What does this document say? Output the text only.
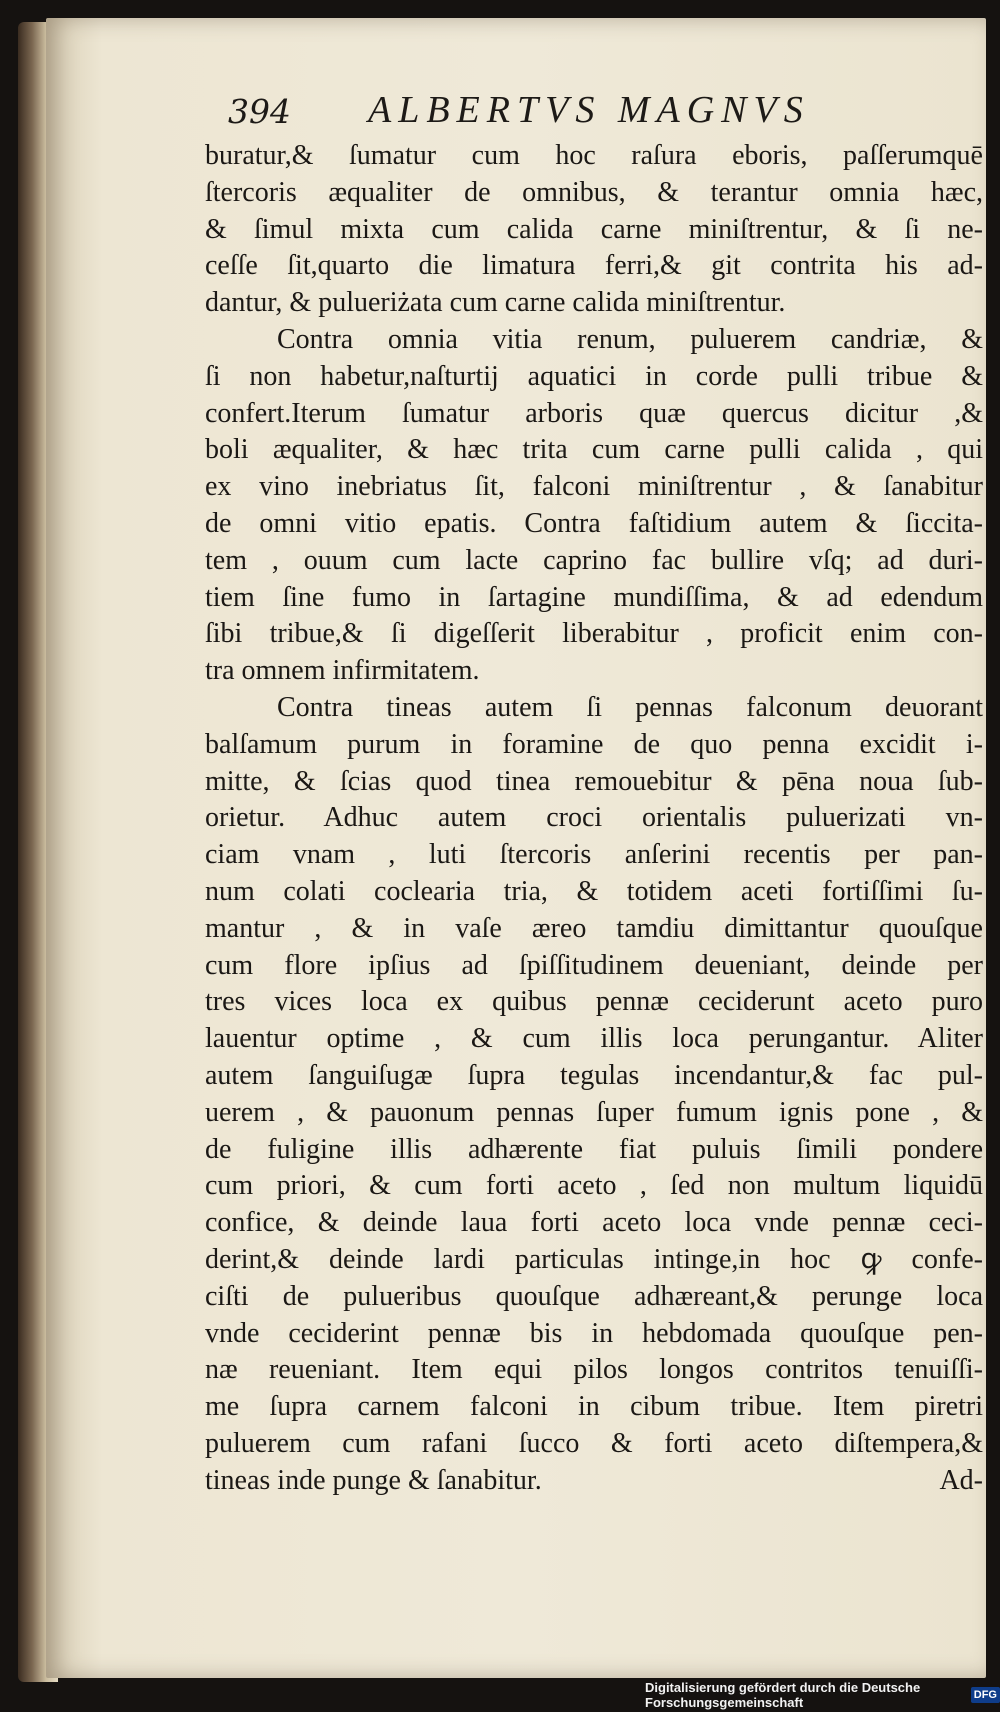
394 ALBERTVS MAGNVS
buratur,& ſumatur cum hoc raſura eboris, paſſerumquē
ſtercoris æqualiter de omnibus, & terantur omnia hæc,
& ſimul mixta cum calida carne miniſtrentur, & ſi ne-
ceſſe ſit,quarto die limatura ferri,& git contrita his ad-
dantur, & pulueriżata cum carne calida miniſtrentur.
Contra omnia vitia renum, puluerem candriæ, &
ſi non habetur,naſturtij aquatici in corde pulli tribue &
confert.Iterum ſumatur arboris quæ quercus dicitur ,&
boli æqualiter, & hæc trita cum carne pulli calida , qui
ex vino inebriatus ſit, falconi miniſtrentur , & ſanabitur
de omni vitio epatis. Contra faſtidium autem & ſiccita-
tem , ouum cum lacte caprino fac bullire vſq; ad duri-
tiem ſine fumo in ſartagine mundiſſima, & ad edendum
ſibi tribue,& ſi digeſſerit liberabitur , proficit enim con-
tra omnem infirmitatem.
Contra tineas autem ſi pennas falconum deuorant
balſamum purum in foramine de quo penna excidit i-
mitte, & ſcias quod tinea remouebitur & pēna noua ſub-
orietur. Adhuc autem croci orientalis puluerizati vn-
ciam vnam , luti ſtercoris anſerini recentis per pan-
num colati coclearia tria, & totidem aceti fortiſſimi ſu-
mantur , & in vaſe æreo tamdiu dimittantur quouſque
cum flore ipſius ad ſpiſſitudinem deueniant, deinde per
tres vices loca ex quibus pennæ ceciderunt aceto puro
lauentur optime , & cum illis loca perungantur. Aliter
autem ſanguiſugæ ſupra tegulas incendantur,& fac pul-
uerem , & pauonum pennas ſuper fumum ignis pone , &
de fuligine illis adhærente fiat puluis ſimili pondere
cum priori, & cum forti aceto , ſed non multum liquidū
confice, & deinde laua forti aceto loca vnde pennæ ceci-
derint,& deinde lardi particulas intinge,in hoc ꝙ confe-
ciſti de pulueribus quouſque adhæreant,& perunge loca
vnde ceciderint pennæ bis in hebdomada quouſque pen-
næ reueniant. Item equi pilos longos contritos tenuiſſi-
me ſupra carnem falconi in cibum tribue. Item piretri
puluerem cum rafani ſucco & forti aceto diſtempera,&
tineas inde punge & ſanabitur.	Ad-
Digitalisierung gefördert durch die Deutsche Forschungsgemeinschaft	DFG
